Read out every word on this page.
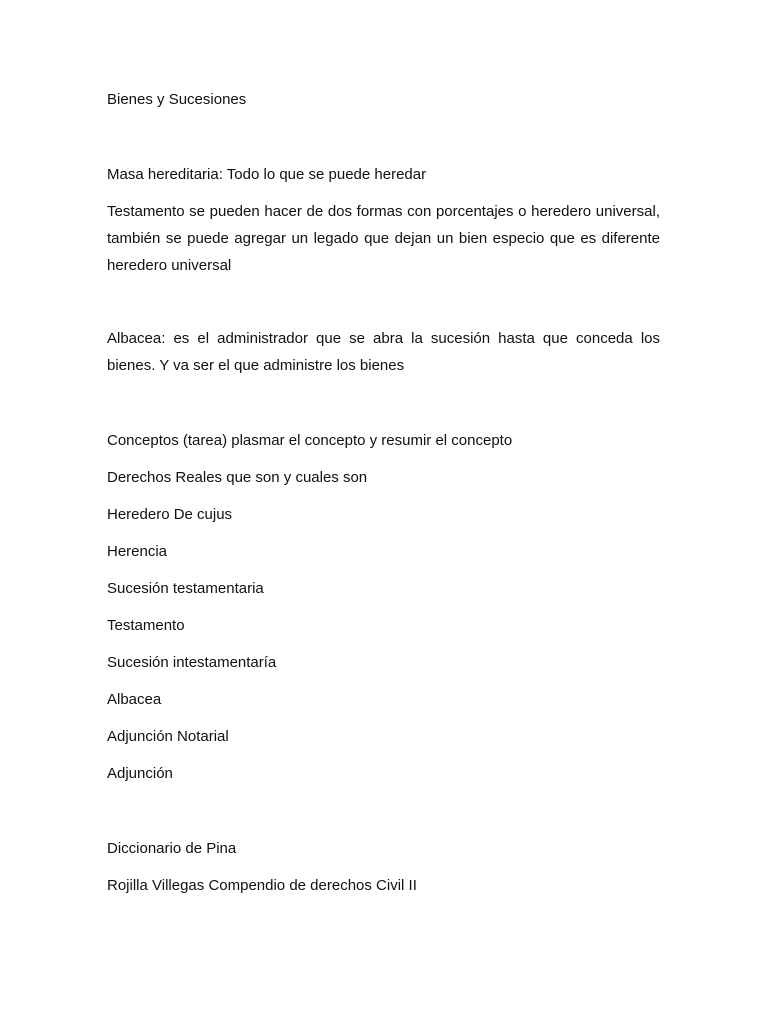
Bienes y Sucesiones
Masa hereditaria: Todo lo que se puede heredar
Testamento se pueden hacer de dos formas con porcentajes o heredero universal, también se puede agregar un legado que dejan un bien especio que es diferente heredero universal
Albacea: es el administrador que se abra la sucesión hasta que conceda los bienes. Y va ser el que administre los bienes
Conceptos (tarea) plasmar el concepto y resumir el concepto
Derechos Reales que son y cuales son
Heredero De cujus
Herencia
Sucesión testamentaria
Testamento
Sucesión intestamentaría
Albacea
Adjunción Notarial
Adjunción
Diccionario de Pina
Rojilla Villegas Compendio de derechos Civil II
